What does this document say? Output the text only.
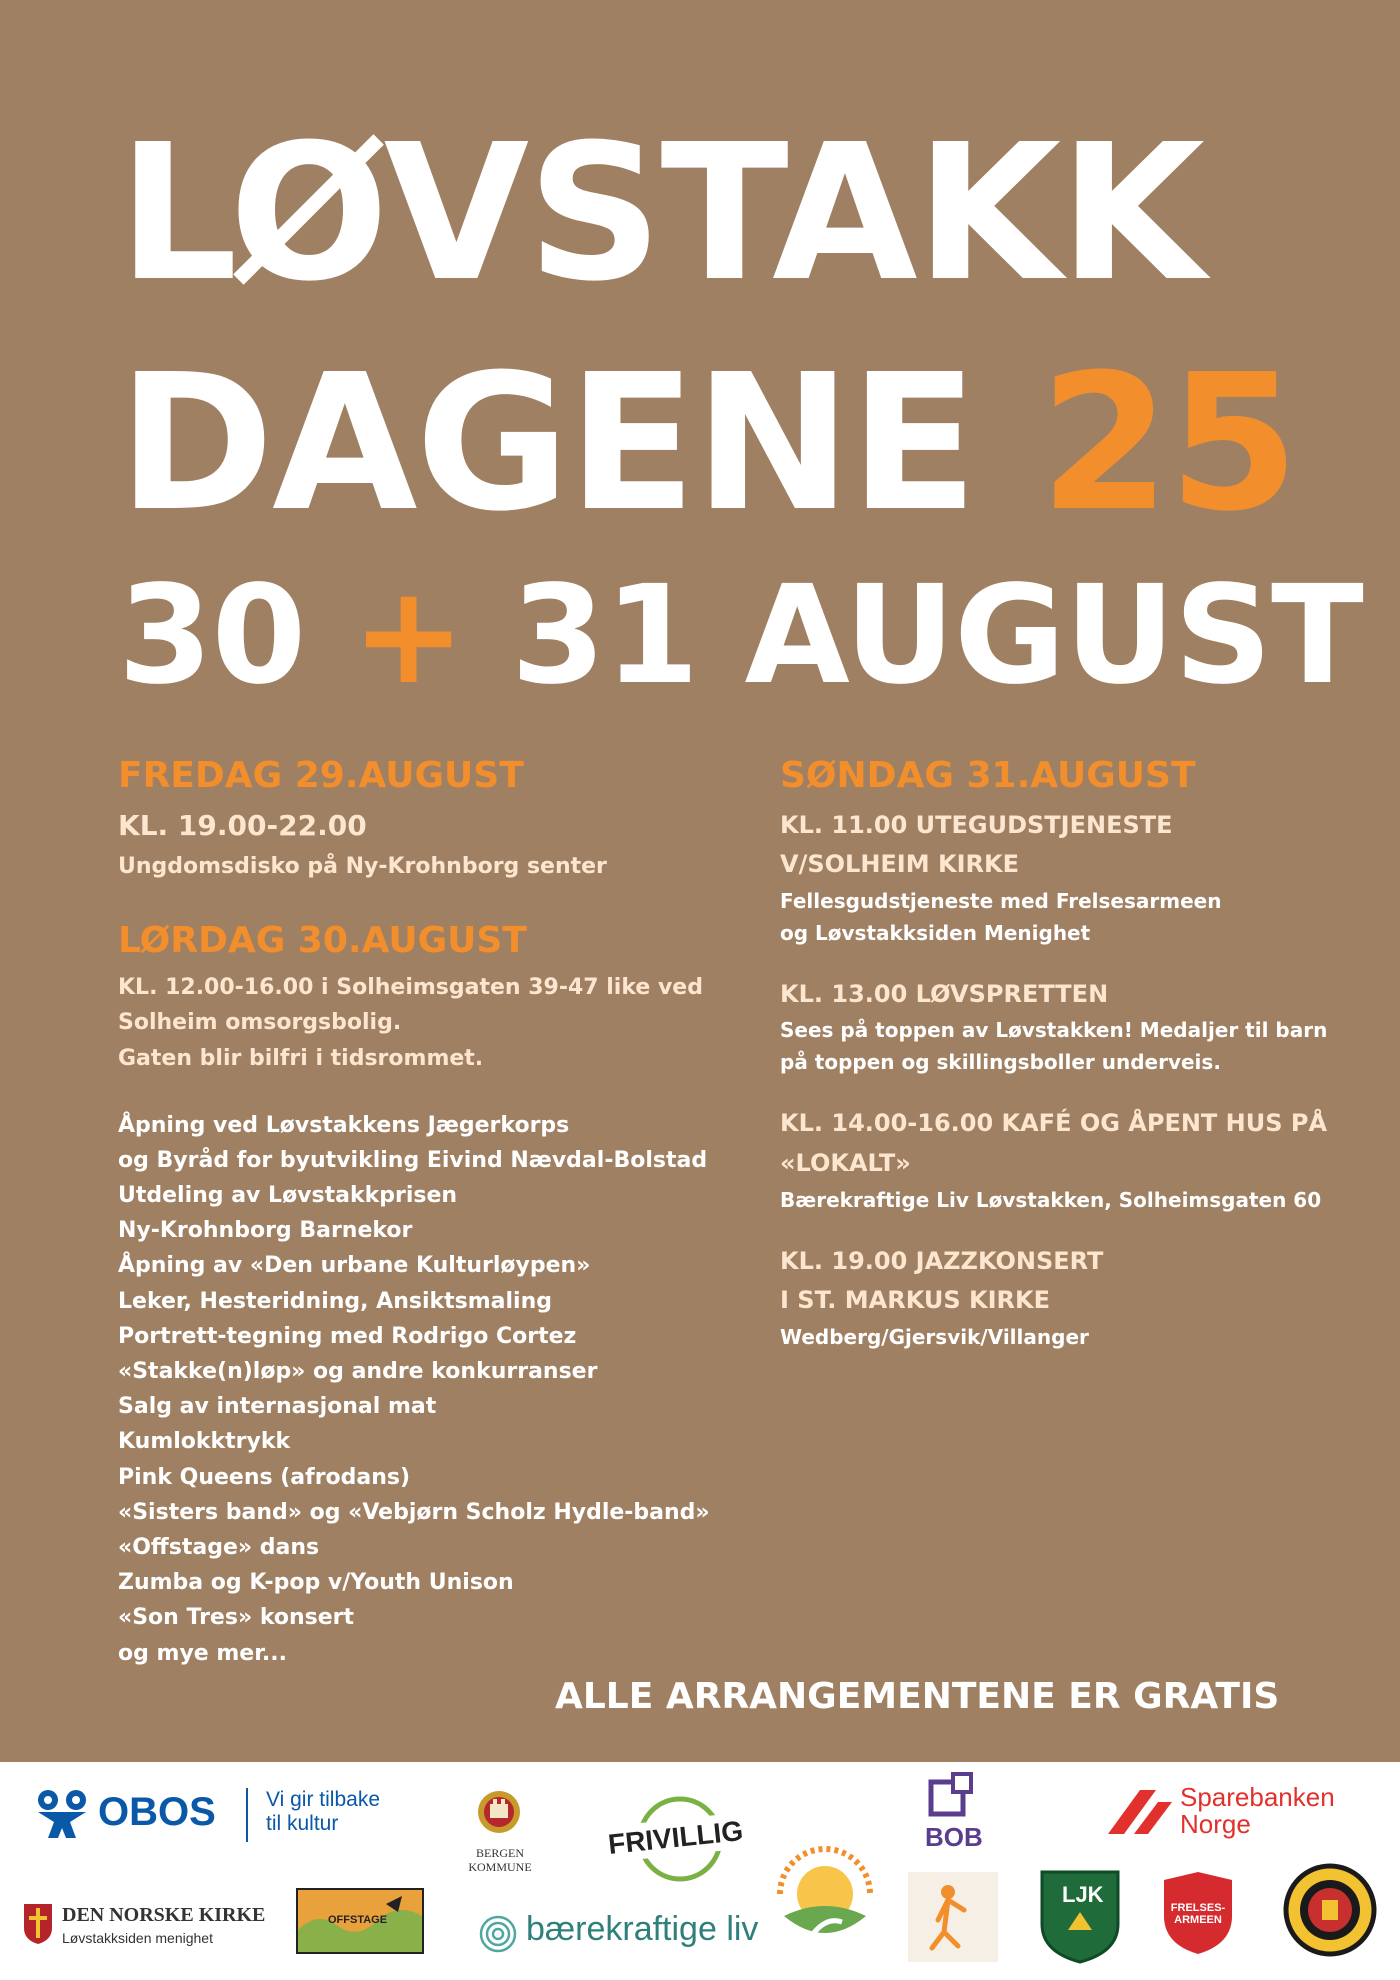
LØVSTAKK
DAGENE 25
30 + 31 AUGUST
FREDAG 29.AUGUST
KL. 19.00-22.00
Ungdomsdisko på Ny-Krohnborg senter
LØRDAG 30.AUGUST
KL. 12.00-16.00 i Solheimsgaten 39-47 like ved
Solheim omsorgsbolig.
Gaten blir bilfri i tidsrommet.
Åpning ved Løvstakkens Jægerkorps
og Byråd for byutvikling Eivind Nævdal-Bolstad
Utdeling av Løvstakkprisen
Ny-Krohnborg Barnekor
Åpning av «Den urbane Kulturløypen»
Leker, Hesteridning, Ansiktsmaling
Portrett-tegning med Rodrigo Cortez
«Stakke(n)løp» og andre konkurranser
Salg av internasjonal mat
Kumlokktrykk
Pink Queens (afrodans)
«Sisters band» og «Vebjørn Scholz Hydle-band»
«Offstage» dans
Zumba og K-pop v/Youth Unison
«Son Tres» konsert
og mye mer...
SØNDAG 31.AUGUST
KL. 11.00 UTEGUDSTJENESTE
V/SOLHEIM KIRKE
Fellesgudstjeneste med Frelsesarmeen
og Løvstakksiden Menighet
KL. 13.00 LØVSPRETTEN
Sees på toppen av Løvstakken! Medaljer til barn
på toppen og skillingsboller underveis.
KL. 14.00-16.00 KAFÉ OG ÅPENT HUS PÅ
«LOKALT»
Bærekraftige Liv Løvstakken, Solheimsgaten 60
KL. 19.00 JAZZKONSERT
I ST. MARKUS KIRKE
Wedberg/Gjersvik/Villanger
ALLE ARRANGEMENTENE ER GRATIS
OBOS Vi gir tilbake
til kultur
BERGEN
KOMMUNE
FRIVILLIG	BOB
Sparebanken
Norge
DEN NORSKE KIRKE
Løvstakksiden menighet
OFFSTAGE	bærekraftige liv
LJK
FRELSES-ARMEEN
